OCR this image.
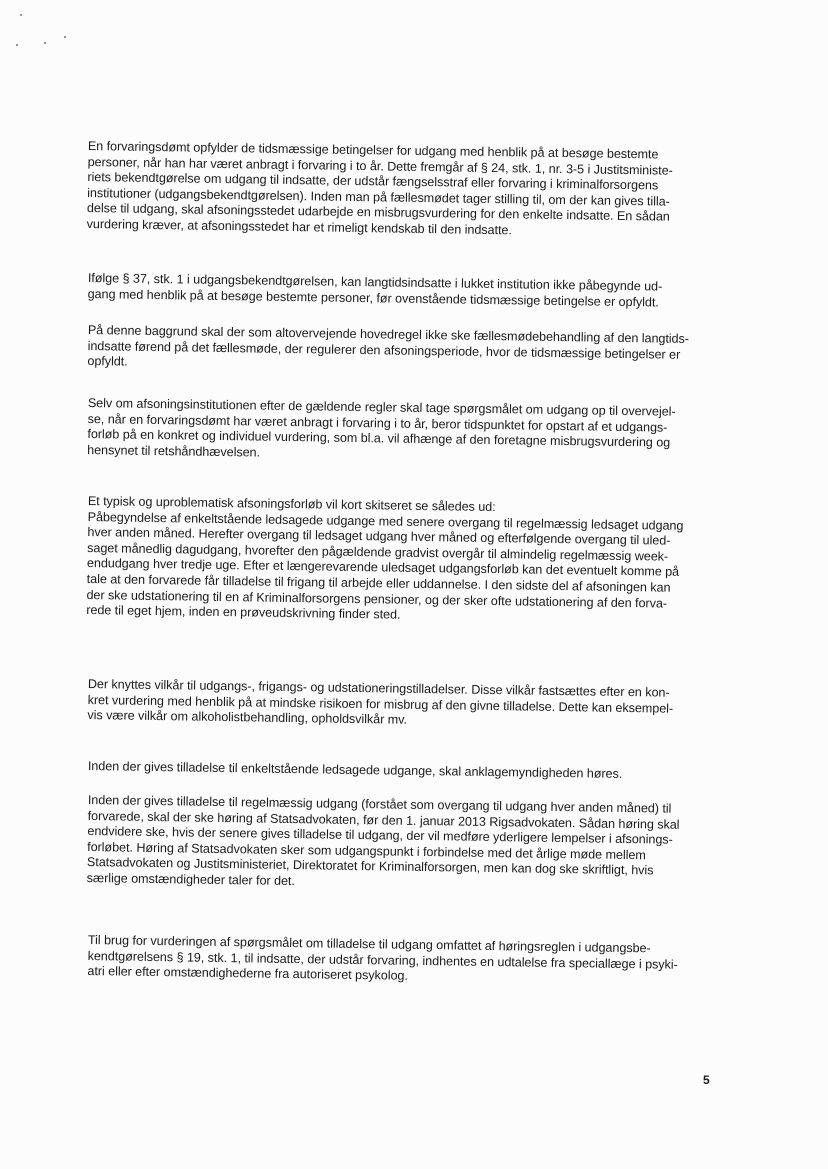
En forvaringsdømt opfylder de tidsmæssige betingelser for udgang med henblik på at besøge bestemte
personer, når han har været anbragt i forvaring i to år. Dette fremgår af § 24, stk. 1, nr. 3-5 i Justitsministe-
riets bekendtgørelse om udgang til indsatte, der udstår fængselsstraf eller forvaring i kriminalforsorgens
institutioner (udgangsbekendtgørelsen). Inden man på fællesmødet tager stilling til, om der kan gives tilla-
delse til udgang, skal afsoningsstedet udarbejde en misbrugsvurdering for den enkelte indsatte. En sådan
vurdering kræver, at afsoningsstedet har et rimeligt kendskab til den indsatte.
Ifølge § 37, stk. 1 i udgangsbekendtgørelsen, kan langtidsindsatte i lukket institution ikke påbegynde ud-
gang med henblik på at besøge bestemte personer, før ovenstående tidsmæssige betingelse er opfyldt.
På denne baggrund skal der som altovervejende hovedregel ikke ske fællesmødebehandling af den langtids-
indsatte førend på det fællesmøde, der regulerer den afsoningsperiode, hvor de tidsmæssige betingelser er
opfyldt.
Selv om afsoningsinstitutionen efter de gældende regler skal tage spørgsmålet om udgang op til overvejel-
se, når en forvaringsdømt har været anbragt i forvaring i to år, beror tidspunktet for opstart af et udgangs-
forløb på en konkret og individuel vurdering, som bl.a. vil afhænge af den foretagne misbrugsvurdering og
hensynet til retshåndhævelsen.
Et typisk og uproblematisk afsoningsforløb vil kort skitseret se således ud:
Påbegyndelse af enkeltstående ledsagede udgange med senere overgang til regelmæssig ledsaget udgang
hver anden måned. Herefter overgang til ledsaget udgang hver måned og efterfølgende overgang til uled-
saget månedlig dagudgang, hvorefter den pågældende gradvist overgår til almindelig regelmæssig week-
endudgang hver tredje uge. Efter et længerevarende uledsaget udgangsforløb kan det eventuelt komme på
tale at den forvarede får tilladelse til frigang til arbejde eller uddannelse. I den sidste del af afsoningen kan
der ske udstationering til en af Kriminalforsorgens pensioner, og der sker ofte udstationering af den forva-
rede til eget hjem, inden en prøveudskrivning finder sted.
Der knyttes vilkår til udgangs-, frigangs- og udstationeringstilladelser. Disse vilkår fastsættes efter en kon-
kret vurdering med henblik på at mindske risikoen for misbrug af den givne tilladelse. Dette kan eksempel-
vis være vilkår om alkoholistbehandling, opholdsvilkår mv.
Inden der gives tilladelse til enkeltstående ledsagede udgange, skal anklagemyndigheden høres.
Inden der gives tilladelse til regelmæssig udgang (forstået som overgang til udgang hver anden måned) til
forvarede, skal der ske høring af Statsadvokaten, før den 1. januar 2013 Rigsadvokaten. Sådan høring skal
endvidere ske, hvis der senere gives tilladelse til udgang, der vil medføre yderligere lempelser i afsonings-
forløbet. Høring af Statsadvokaten sker som udgangspunkt i forbindelse med det årlige møde mellem
Statsadvokaten og Justitsministeriet, Direktoratet for Kriminalforsorgen, men kan dog ske skriftligt, hvis
særlige omstændigheder taler for det.
Til brug for vurderingen af spørgsmålet om tilladelse til udgang omfattet af høringsreglen i udgangsbe-
kendtgørelsens § 19, stk. 1, til indsatte, der udstår forvaring, indhentes en udtalelse fra speciallæge i psyki-
atri eller efter omstændighederne fra autoriseret psykolog.
5
